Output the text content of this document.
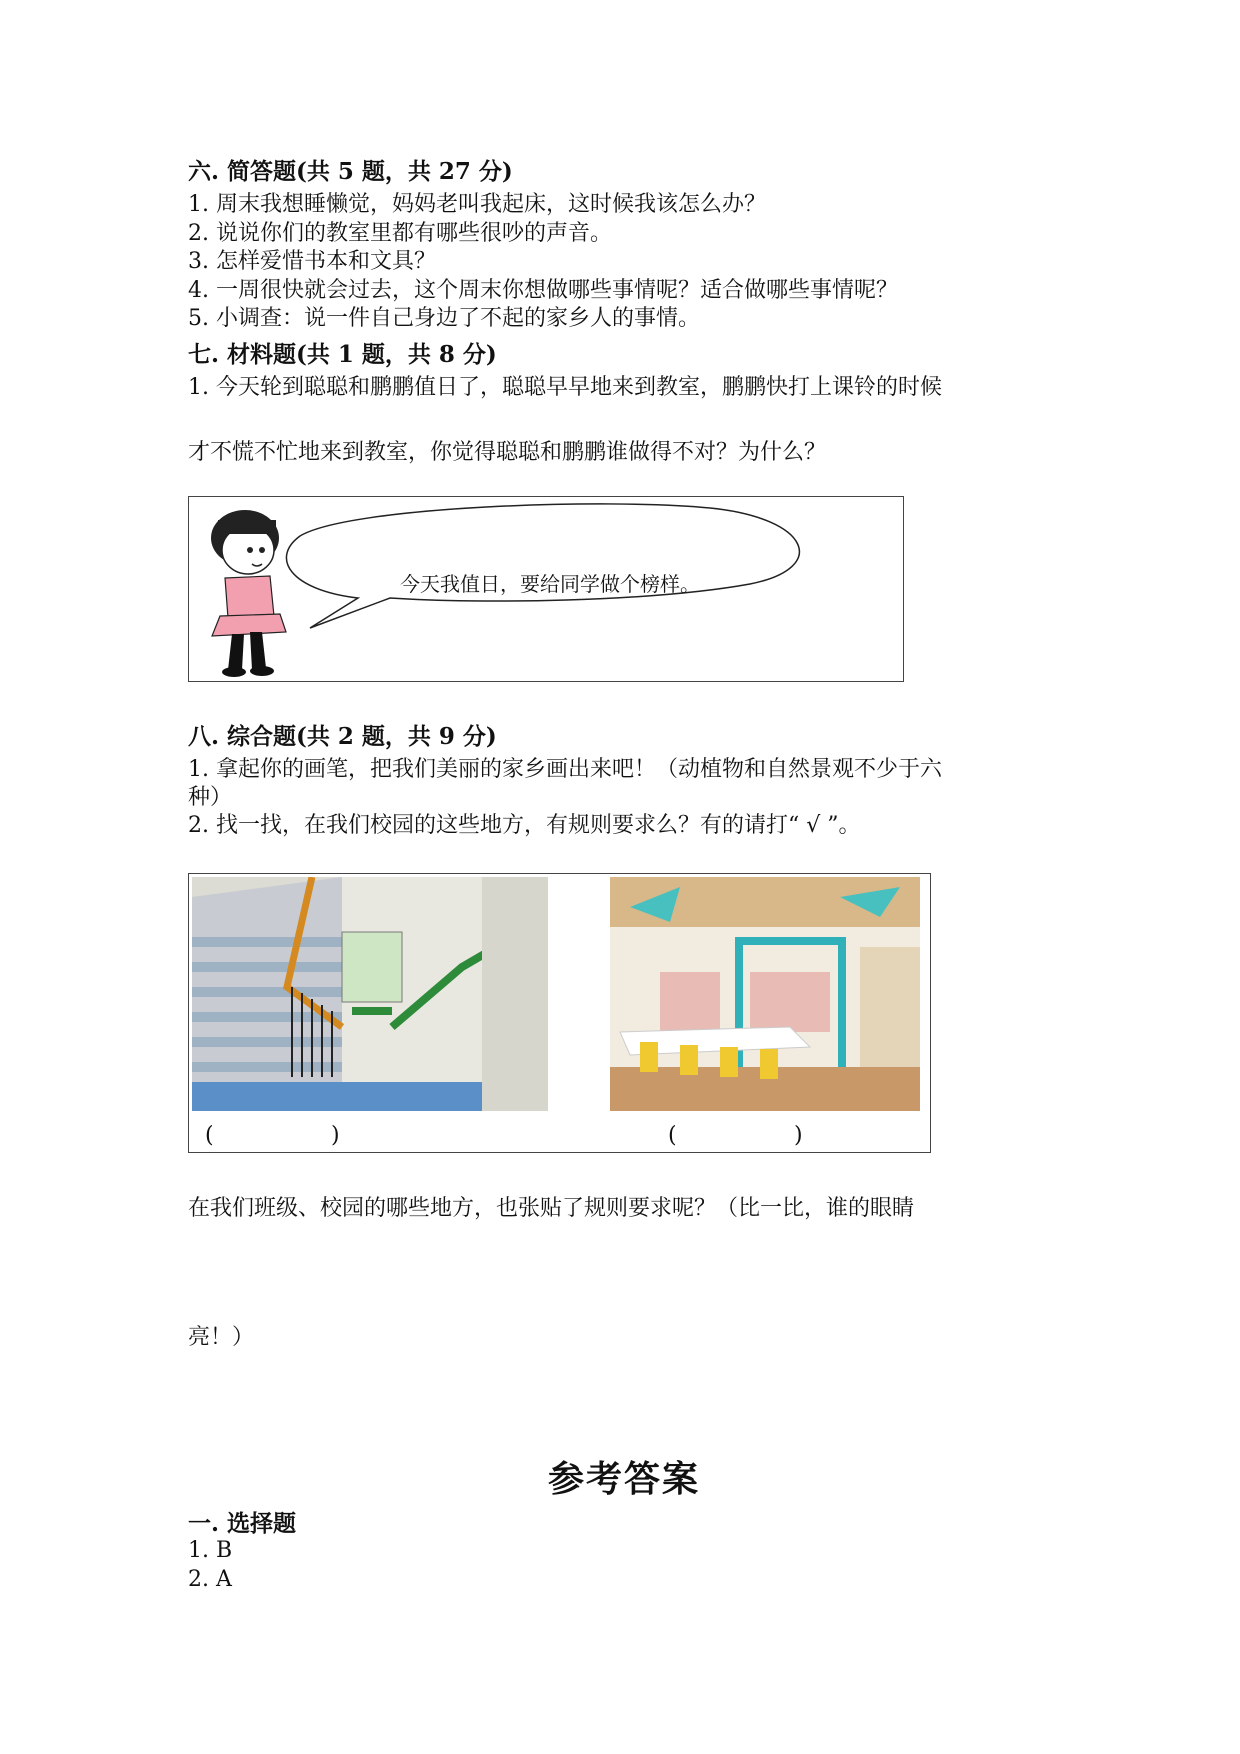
六. 简答题(共 5 题，共 27 分)
1. 周末我想睡懒觉，妈妈老叫我起床，这时候我该怎么办？
2. 说说你们的教室里都有哪些很吵的声音。
3. 怎样爱惜书本和文具？
4. 一周很快就会过去，这个周末你想做哪些事情呢？适合做哪些事情呢？
5. 小调查：说一件自己身边了不起的家乡人的事情。
七. 材料题(共 1 题，共 8 分)
1. 今天轮到聪聪和鹏鹏值日了，聪聪早早地来到教室，鹏鹏快打上课铃的时候
才不慌不忙地来到教室，你觉得聪聪和鹏鹏谁做得不对？为什么？
今天我值日，要给同学做个榜样。
八. 综合题(共 2 题，共 9 分)
1. 拿起你的画笔，把我们美丽的家乡画出来吧！（动植物和自然景观不少于六
种）
2. 找一找，在我们校园的这些地方，有规则要求么？有的请打“ √ ”。
(	)	(	)
在我们班级、校园的哪些地方，也张贴了规则要求呢？（比一比，谁的眼睛
亮！）
参考答案
一. 选择题
1. B
2. A
